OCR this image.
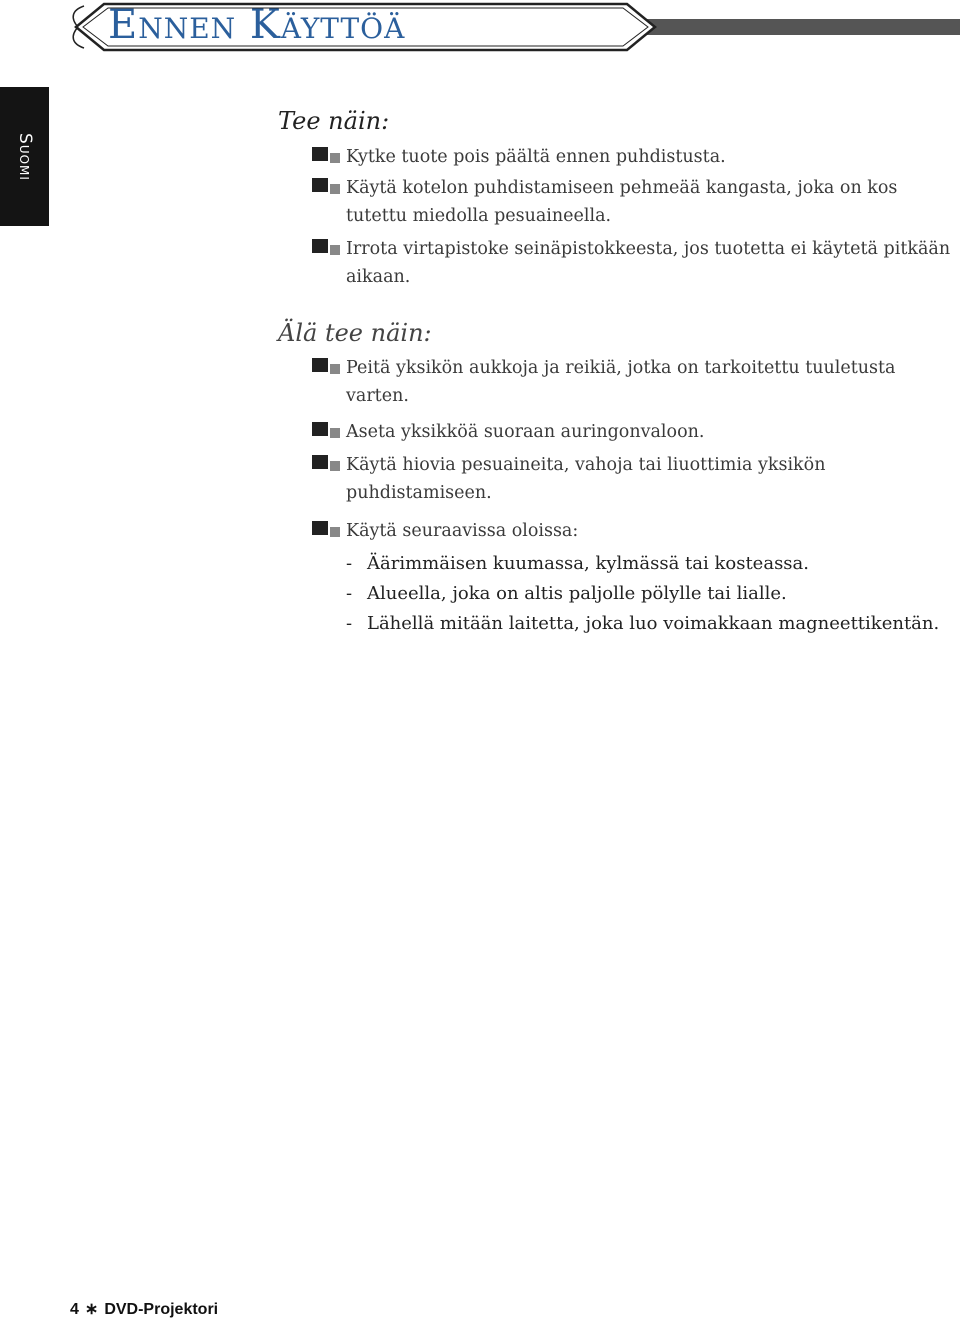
Ennen Käyttöä
Suomi
Tee näin:
Kytke tuote pois päältä ennen puhdistusta.
Käytä kotelon puhdistamiseen pehmeää kangasta, joka on kos tutettu miedolla pesuaineella.
Irrota virtapistoke seinäpistokkeesta, jos tuotetta ei käytetä pitkään aikaan.
Älä tee näin:
Peitä yksikön aukkoja ja reikiä, jotka on tarkoitettu tuuletusta varten.
Aseta yksikköä suoraan auringonvaloon.
Käytä hiovia pesuaineita, vahoja tai liuottimia yksikön puhdistamiseen.
Käytä seuraavissa oloissa:
- Äärimmäisen kuumassa, kylmässä tai kosteassa.
- Alueella, joka on altis paljolle pölylle tai lialle.
- Lähellä mitään laitetta, joka luo voimakkaan magneettikentän.
4 ∗ DVD-Projektori
